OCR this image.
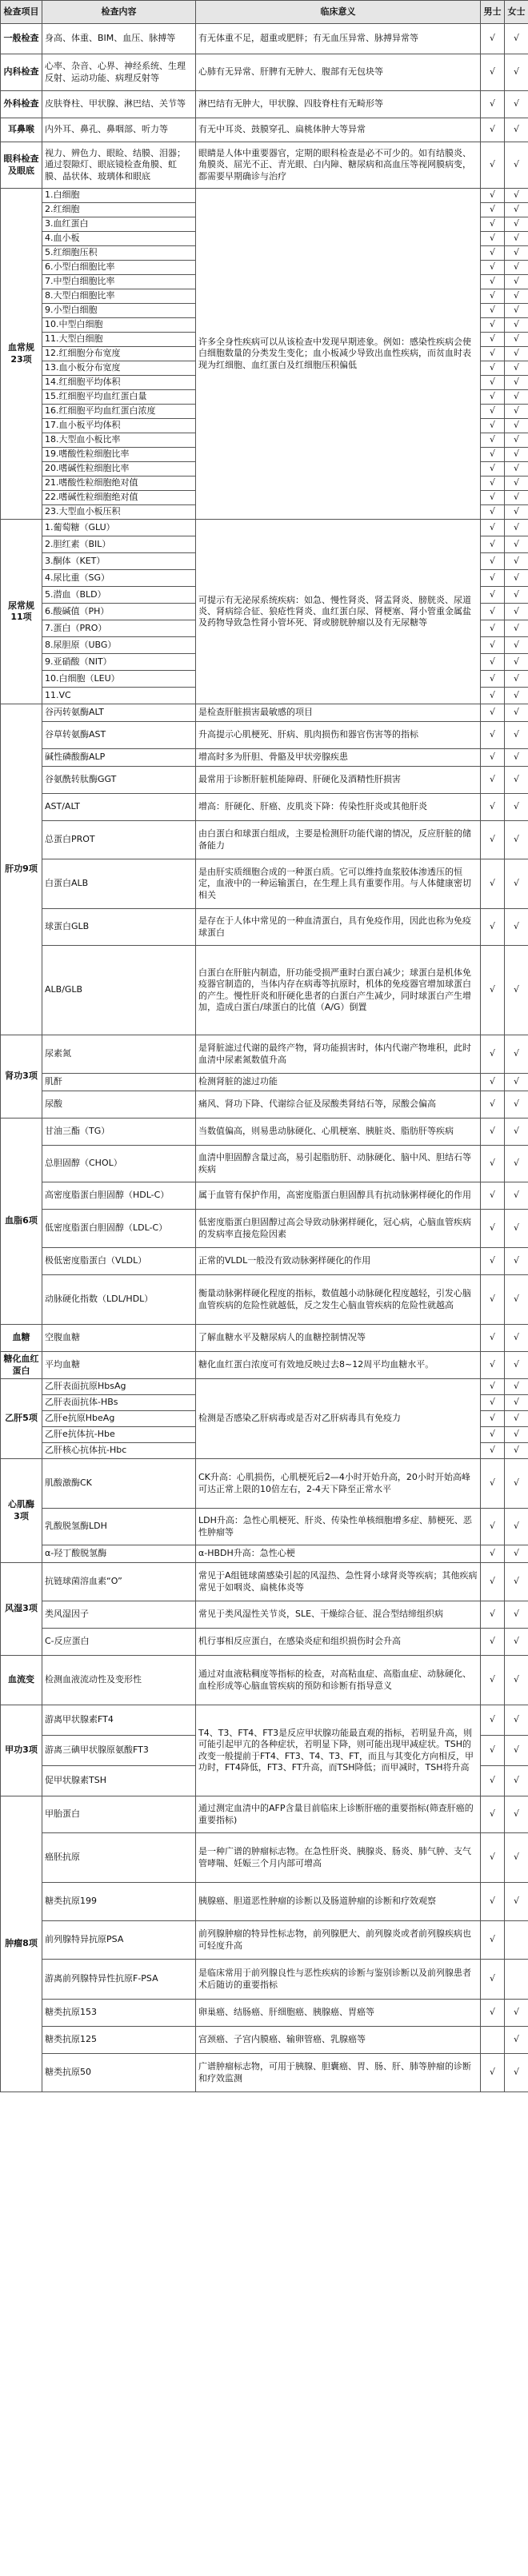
检查项目	检查内容	临床意义	男士	女士

一般检查	身高、体重、BIM、血压、脉搏等	有无体重不足，超重或肥胖；有无血压异常、脉搏异常等	√	√

内科检查	心率、杂音、心界、神经系统、生理反射、运动功能、病理反射等	心肺有无异常、肝脾有无肿大、腹部有无包块等	√	√

外科检查	皮肤脊柱、甲状腺、淋巴结、关节等	淋巴结有无肿大，甲状腺、四肢脊柱有无畸形等	√	√

耳鼻喉	内外耳、鼻孔、鼻咽部、听力等	有无中耳炎、鼓膜穿孔、扁桃体肿大等异常	√	√

眼科检查及眼底	视力、辨色力、眼睑、结膜、泪器；通过裂隙灯、眼底镜检查角膜、虹膜、晶状体、玻璃体和眼底	眼睛是人体中重要器官，定期的眼科检查是必不可少的。如有结膜炎、角膜炎、屈光不正、青光眼、白内障、糖尿病和高血压等视网膜病变，都需要早期确诊与治疗	√	√

血常规
23项	1.白细胞	许多全身性疾病可以从该检查中发现早期迹象。例如：感染性疾病会使白细胞数量的分类发生变化；血小板减少导致出血性疾病，而贫血时表现为红细胞、血红蛋白及红细胞压积偏低	√	√
	2.红细胞		√	√
	3.血红蛋白		√	√
	4.血小板		√	√
	5.红细胞压积		√	√
	6.小型白细胞比率		√	√
	7.中型白细胞比率		√	√
	8.大型白细胞比率		√	√
	9.小型白细胞		√	√
	10.中型白细胞		√	√
	11.大型白细胞		√	√
	12.红细胞分布宽度		√	√
	13.血小板分布宽度		√	√
	14.红细胞平均体积		√	√
	15.红细胞平均血红蛋白量		√	√
	16.红细胞平均血红蛋白浓度		√	√
	17.血小板平均体积		√	√
	18.大型血小板比率		√	√
	19.嗜酸性粒细胞比率		√	√
	20.嗜碱性粒细胞比率		√	√
	21.嗜酸性粒细胞绝对值		√	√
	22.嗜碱性粒细胞绝对值		√	√
	23.大型血小板压积		√	√

尿常规
11项	1.葡萄糖（GLU）	可提示有无泌尿系统疾病：如急、慢性肾炎、肾盂肾炎、膀胱炎、尿道炎、肾病综合征、狼疮性肾炎、血红蛋白尿、肾梗塞、肾小管重金属盐及药物导致急性肾小管坏死、肾或膀胱肿瘤以及有无尿糖等	√	√
	2.胆红素（BIL）		√	√
	3.酮体（KET）		√	√
	4.尿比重（SG）		√	√
	5.潜血（BLD）		√	√
	6.酸碱值（PH）		√	√
	7.蛋白（PRO）		√	√
	8.尿胆原（UBG）		√	√
	9.亚硝酸（NIT）		√	√
	10.白细胞（LEU）		√	√
	11.VC		√	√

肝功9项	谷丙转氨酶ALT	是检查肝脏损害最敏感的项目	√	√
	谷草转氨酶AST	升高提示心肌梗死、肝病、肌肉损伤和器官伤害等的指标	√	√
	碱性磷酸酶ALP	增高时多为肝胆、骨骼及甲状旁腺疾患	√	√
	谷氨酰转肽酶GGT	最常用于诊断肝脏机能障碍、肝硬化及酒精性肝损害	√	√
	AST/ALT	增高：肝硬化、肝癌、皮肌炎下降：传染性肝炎或其他肝炎	√	√
	总蛋白PROT	由白蛋白和球蛋白组成，主要是检测肝功能代谢的情况，反应肝脏的储备能力	√	√
	白蛋白ALB	是由肝实质细胞合成的一种蛋白质。它可以维持血浆胶体渗透压的恒定，血液中的一种运输蛋白，在生理上具有重要作用。与人体健康密切相关	√	√
	球蛋白GLB	是存在于人体中常见的一种血清蛋白，具有免疫作用，因此也称为免疫球蛋白	√	√
	ALB/GLB	白蛋白在肝脏内制造，肝功能受损严重时白蛋白减少；球蛋白是机体免疫器官制造的，当体内存在病毒等抗原时，机体的免疫器官增加球蛋白的产生。慢性肝炎和肝硬化患者的白蛋白产生减少，同时球蛋白产生增加，造成白蛋白/球蛋白的比值（A/G）倒置	√	√

肾功3项	尿素氮	是肾脏滤过代谢的最终产物，肾功能损害时，体内代谢产物堆积，此时血清中尿素氮数值升高	√	√
	肌酐	检测肾脏的滤过功能	√	√
	尿酸	痛风、肾功下降、代谢综合征及尿酸类肾结石等，尿酸会偏高	√	√

血脂6项	甘油三酯（TG）	当数值偏高，则易患动脉硬化、心肌梗塞、胰脏炎、脂肪肝等疾病	√	√
	总胆固醇（CHOL）	血清中胆固醇含量过高，易引起脂肪肝、动脉硬化、脑中风、胆结石等疾病	√	√
	高密度脂蛋白胆固醇（HDL-C）	属于血管有保护作用，高密度脂蛋白胆固醇具有抗动脉粥样硬化的作用	√	√
	低密度脂蛋白胆固醇（LDL-C）	低密度脂蛋白胆固醇过高会导致动脉粥样硬化，冠心病，心脑血管疾病的发病率直接危险因素	√	√
	极低密度脂蛋白（VLDL）	正常的VLDL一般没有致动脉粥样硬化的作用	√	√
	动脉硬化指数（LDL/HDL）	衡量动脉粥样硬化程度的指标，数值越小动脉硬化程度越轻，引发心脑血管疾病的危险性就越低，反之发生心脑血管疾病的危险性就越高	√	√

血糖	空腹血糖	了解血糖水平及糖尿病人的血糖控制情况等	√	√

糖化血红蛋白	平均血糖	糖化血红蛋白浓度可有效地反映过去8~12周平均血糖水平。	√	√

乙肝5项	乙肝表面抗原HbsAg	检测是否感染乙肝病毒或是否对乙肝病毒具有免疫力	√	√
	乙肝表面抗体-HBs		√	√
	乙肝e抗原HbeAg		√	√
	乙肝e抗体抗-Hbe		√	√
	乙肝核心抗体抗-Hbc		√	√

心肌酶
3项	肌酸激酶CK	CK升高：心肌损伤，心肌梗死后2—4小时开始升高，20小时开始高峰可达正常上限的10倍左右，2-4天下降至正常水平	√	√
	乳酸脱氢酶LDH	LDH升高：急性心肌梗死、肝炎、传染性单核细胞增多症、肺梗死、恶性肿瘤等	√	√
	α-羟丁酸脱氢酶	α-HBDH升高：急性心梗	√	√

风湿3项	抗链球菌溶血素“O”	常见于A组链球菌感染引起的风湿热、急性肾小球肾炎等疾病；其他疾病常见于如咽炎、扁桃体炎等	√	√
	类风湿因子	常见于类风湿性关节炎，SLE、干燥综合征、混合型结缔组织病	√	√
	C-反应蛋白	机行事相反应蛋白，在感染炎症和组织损伤时会升高	√	√

血流变	检测血液流动性及变形性	通过对血液粘稠度等指标的检查，对高粘血症、高脂血症、动脉硬化、血栓形成等心脑血管疾病的预防和诊断有指导意义	√	√

甲功3项	游离甲状腺素FT4	T4、T3、FT4、FT3是反应甲状腺功能最直观的指标，若明显升高，则可能引起甲亢的各种症状，若明显下降，则可能出现甲减症状。TSH的改变一般提前于FT4、FT3、T4、T3、FT，而且与其变化方向相反，甲功时，FT4降低，FT3、FT升高，而TSH降低；而甲减时，TSH将升高	√	√
	游离三碘甲状腺原氨酸FT3		√	√
	促甲状腺素TSH		√	√

肿瘤8项	甲胎蛋白	通过测定血清中的AFP含量目前临床上诊断肝癌的重要指标(筛查肝癌的重要指标)	√	√
	癌胚抗原	是一种广谱的肿瘤标志物。在急性肝炎、胰腺炎、肠炎、肺气肿、支气管哮喘、妊娠三个月内部可增高	√	√
	糖类抗原199	胰腺癌、胆道恶性肿瘤的诊断以及肠道肿瘤的诊断和疗效观察	√	√
	前列腺特异抗原PSA	前列腺肿瘤的特异性标志物，前列腺肥大、前列腺炎或者前列腺疾病也可轻度升高	√	
	游离前列腺特异性抗原F-PSA	是临床常用于前列腺良性与恶性疾病的诊断与鉴别诊断以及前列腺患者术后随访的重要指标	√	
	糖类抗原153	卵巢癌、结肠癌、肝细胞癌、胰腺癌、胃癌等	√	√
	糖类抗原125	宫颈癌、子宫内膜癌、输卵管癌、乳腺癌等		√
	糖类抗原50	广谱肿瘤标志物，可用于胰腺、胆囊癌、胃、肠、肝、肺等肿瘤的诊断和疗效监测	√	√
